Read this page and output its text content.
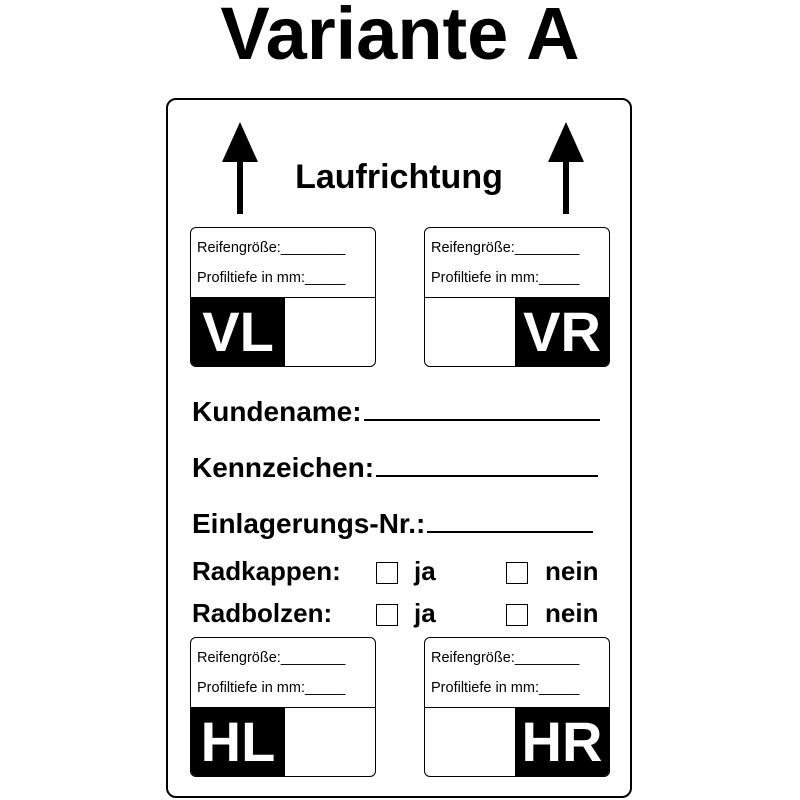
Variante A
Laufrichtung
Reifengröße:________
Profiltiefe in mm:_____
VL
Reifengröße:________
Profiltiefe in mm:_____
VR
Kundename:
Kennzeichen:
Einlagerungs-Nr.:
Radkappen:	ja	nein
Radbolzen:	ja	nein
Reifengröße:________
Profiltiefe in mm:_____
HL
Reifengröße:________
Profiltiefe in mm:_____
HR
